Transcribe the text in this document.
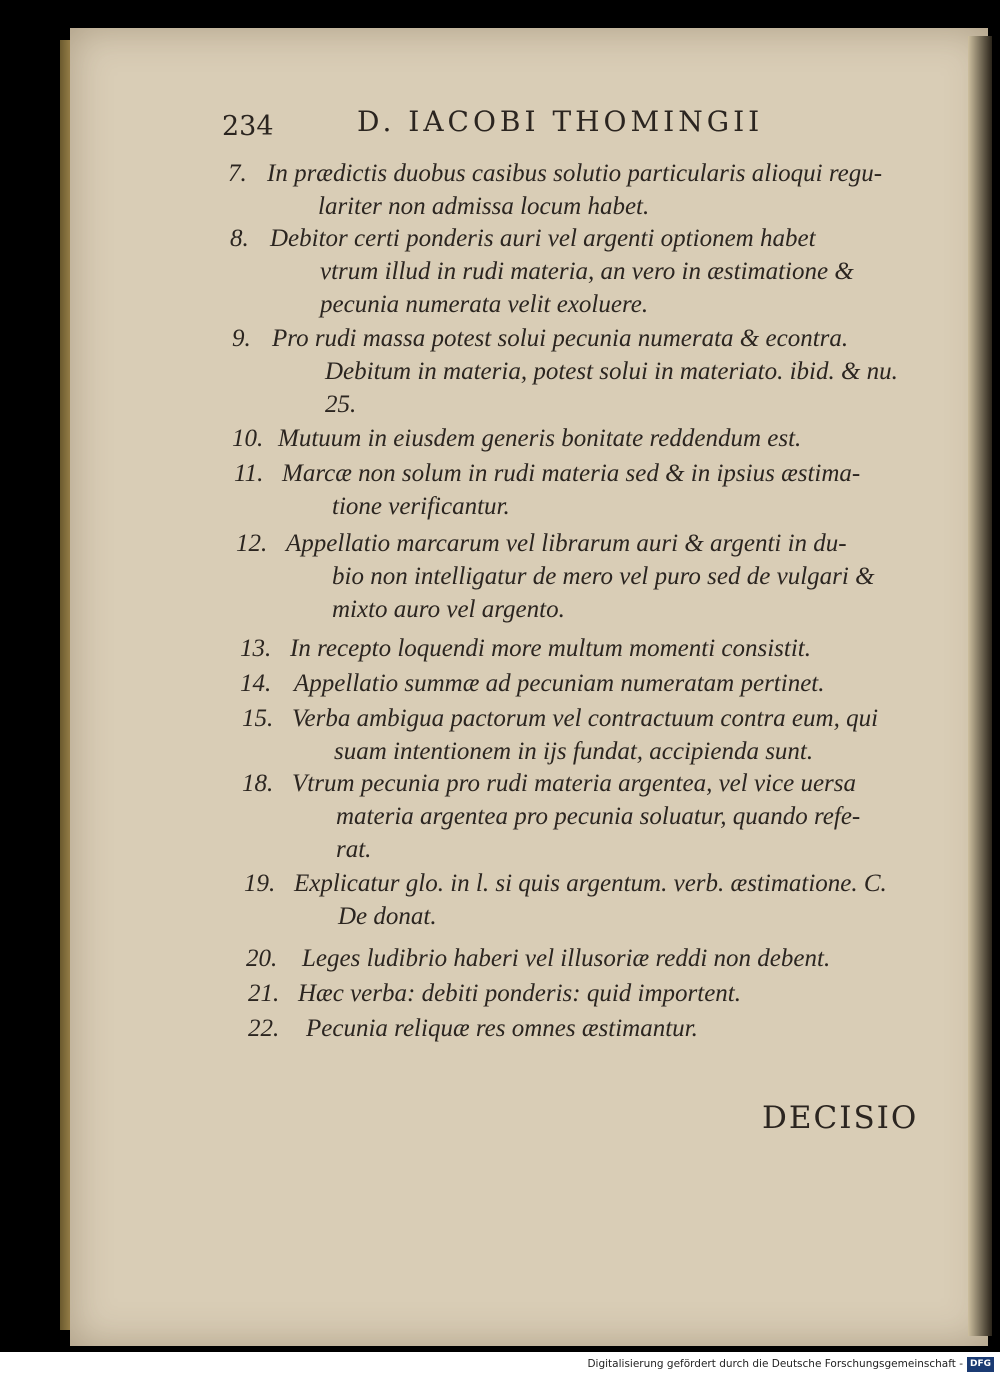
234	D. IACOBI THOMINGII
7. In prædictis duobus casibus solutio particularis alioqui regu-
lariter non admissa locum habet.
8. Debitor certi ponderis auri vel argenti optionem habet
vtrum illud in rudi materia, an vero in æstimatione &
pecunia numerata velit exoluere.
9. Pro rudi massa potest solui pecunia numerata & econtra.
Debitum in materia, potest solui in materiato. ibid. & nu.
25.
10. Mutuum in eiusdem generis bonitate reddendum est.
11. Marcæ non solum in rudi materia sed & in ipsius æstima-
tione verificantur.
12. Appellatio marcarum vel librarum auri & argenti in du-
bio non intelligatur de mero vel puro sed de vulgari &
mixto auro vel argento.
13. In recepto loquendi more multum momenti consistit.
14. Appellatio summæ ad pecuniam numeratam pertinet.
15. Verba ambigua pactorum vel contractuum contra eum, qui
suam intentionem in ijs fundat, accipienda sunt.
18. Vtrum pecunia pro rudi materia argentea, vel vice uersa
materia argentea pro pecunia soluatur, quando refe-
rat.
19. Explicatur glo. in l. si quis argentum. verb. æstimatione. C.
De donat.
20. Leges ludibrio haberi vel illusoriæ reddi non debent.
21. Hæc verba: debiti ponderis: quid importent.
22. Pecunia reliquæ res omnes æstimantur.
DECISIO
Digitalisierung gefördert durch die Deutsche Forschungsgemeinschaft - DFG
